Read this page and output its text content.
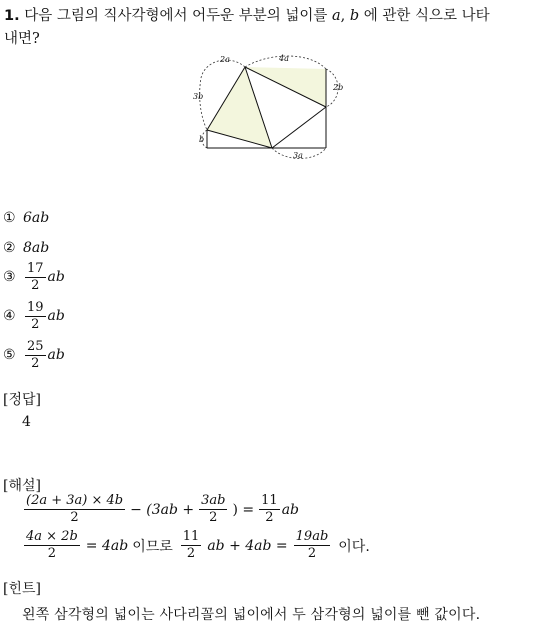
1. 다음 그림의 직사각형에서 어두운 부분의 넓이를 a, b 에 관한 식으로 나타
내면?
2a	4a
3b
2b
b
3a
① 6ab
② 8ab
③ $\frac{17}{2}$ ab
④ $\frac{19}{2}$ ab
⑤ $\frac{25}{2}$ ab
[정답]
4
[해설]
$\frac{(2a + 3a) \times 4b}{2} - (3ab + \frac{3ab}{2}$ ) = $\frac{11}{2}$ ab
$\frac{4a \times 2b}{2} = 4ab$ 이므로 $\frac{11}{2}$ ab + $4ab = \frac{19ab}{2}$ 이다.
[힌트]
왼쪽 삼각형의 넓이는 사다리꼴의 넓이에서 두 삼각형의 넓이를 뺀 값이다.
